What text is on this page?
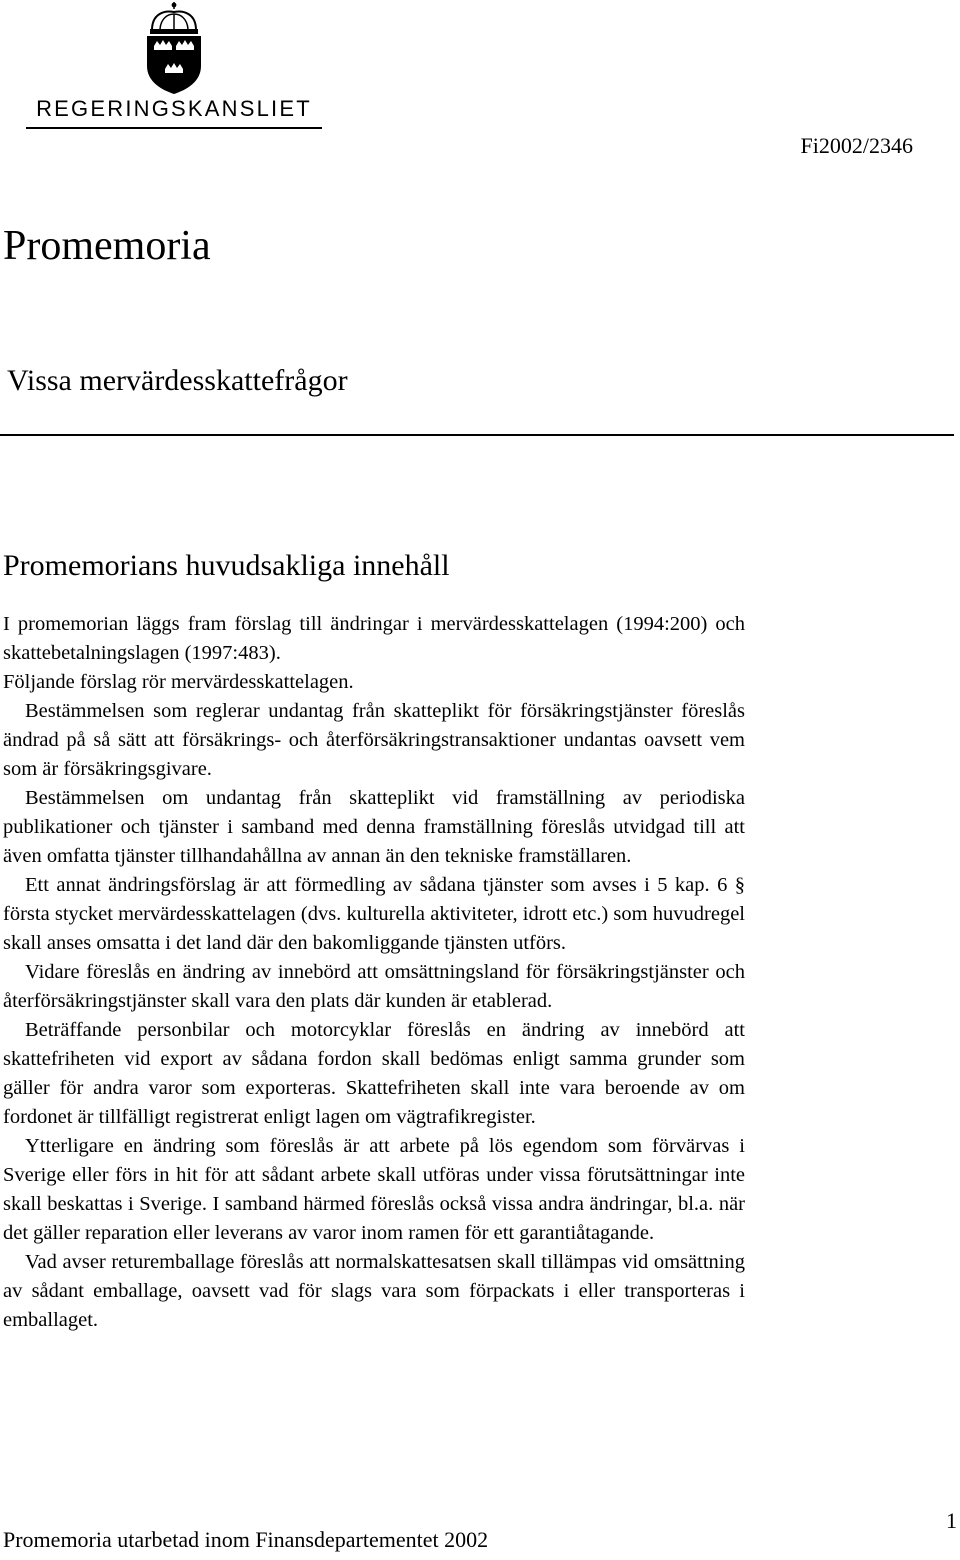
REGERINGSKANSLIET
Fi2002/2346
Promemoria
Vissa mervärdesskattefrågor
Promemorians huvudsakliga innehåll

I promemorian läggs fram förslag till ändringar i mervärdesskattelagen (1994:200) och skattebetalningslagen (1997:483).

Följande förslag rör mervärdesskattelagen.

Bestämmelsen som reglerar undantag från skatteplikt för försäkringstjänster föreslås ändrad på så sätt att försäkrings- och återförsäkringstransaktioner undantas oavsett vem som är försäkringsgivare.

Bestämmelsen om undantag från skatteplikt vid framställning av periodiska publikationer och tjänster i samband med denna framställning föreslås utvidgad till att även omfatta tjänster tillhandahållna av annan än den tekniske framställaren.

Ett annat ändringsförslag är att förmedling av sådana tjänster som avses i 5 kap. 6 § första stycket mervärdesskattelagen (dvs. kulturella aktiviteter, idrott etc.) som huvudregel skall anses omsatta i det land där den bakomliggande tjänsten utförs.

Vidare föreslås en ändring av innebörd att omsättningsland för försäkringstjänster och återförsäkringstjänster skall vara den plats där kunden är etablerad.

Beträffande personbilar och motorcyklar föreslås en ändring av innebörd att skattefriheten vid export av sådana fordon skall bedömas enligt samma grunder som gäller för andra varor som exporteras. Skattefriheten skall inte vara beroende av om fordonet är tillfälligt registrerat enligt lagen om vägtrafikregister.

Ytterligare en ändring som föreslås är att arbete på lös egendom som förvärvas i Sverige eller förs in hit för att sådant arbete skall utföras under vissa förutsättningar inte skall beskattas i Sverige. I samband härmed föreslås också vissa andra ändringar, bl.a. när det gäller reparation eller leverans av varor inom ramen för ett garantiåtagande.

Vad avser returemballage föreslås att normalskattesatsen skall tillämpas vid omsättning av sådant emballage, oavsett vad för slags vara som förpackats i eller transporteras i emballaget.

1
Promemoria utarbetad inom Finansdepartementet 2002
